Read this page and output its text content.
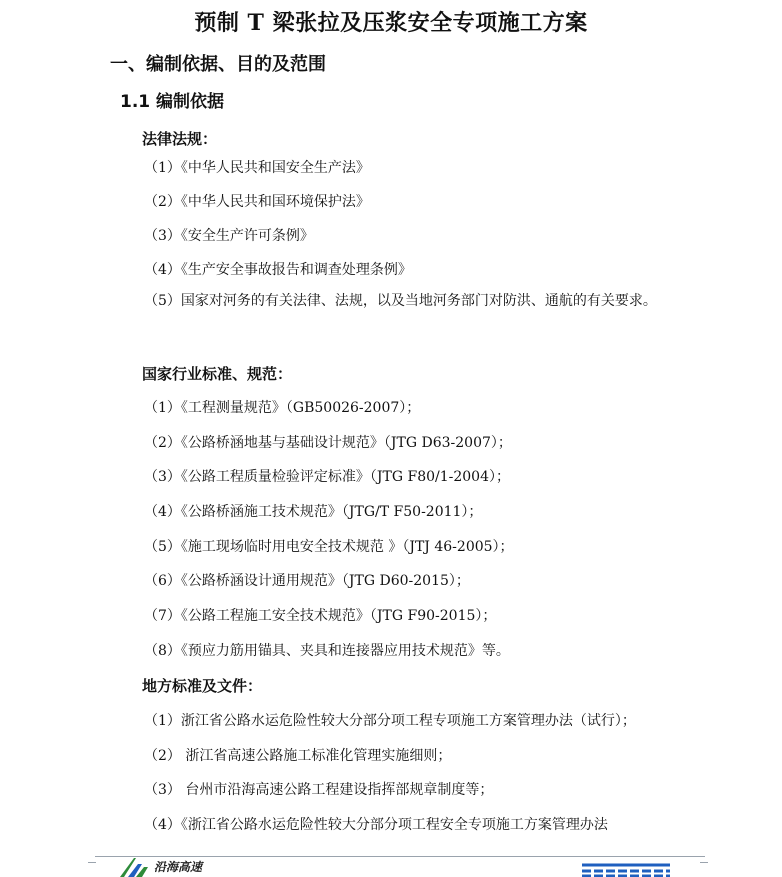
预制 T 梁张拉及压浆安全专项施工方案
一、编制依据、目的及范围
1.1 编制依据
法律法规：
（1）《中华人民共和国安全生产法》
（2）《中华人民共和国环境保护法》
（3）《安全生产许可条例》
（4）《生产安全事故报告和调查处理条例》
（5）国家对河务的有关法律、法规，以及当地河务部门对防洪、通航的有关要求。
国家行业标准、规范：
（1）《工程测量规范》（GB50026-2007）；
（2）《公路桥涵地基与基础设计规范》（JTG D63-2007）；
（3）《公路工程质量检验评定标准》（JTG F80/1-2004）；
（4）《公路桥涵施工技术规范》（JTG/T F50-2011）；
（5）《施工现场临时用电安全技术规范 》（JTJ 46-2005）；
（6）《公路桥涵设计通用规范》（JTG D60-2015）；
（7）《公路工程施工安全技术规范》（JTG F90-2015）；
（8）《预应力筋用锚具、夹具和连接器应用技术规范》等。
地方标准及文件：
（1）浙江省公路水运危险性较大分部分项工程专项施工方案管理办法（试行）；
（2） 浙江省高速公路施工标准化管理实施细则；
（3） 台州市沿海高速公路工程建设指挥部规章制度等；
（4）《浙江省公路水运危险性较大分部分项工程安全专项施工方案管理办法
沿海高速
